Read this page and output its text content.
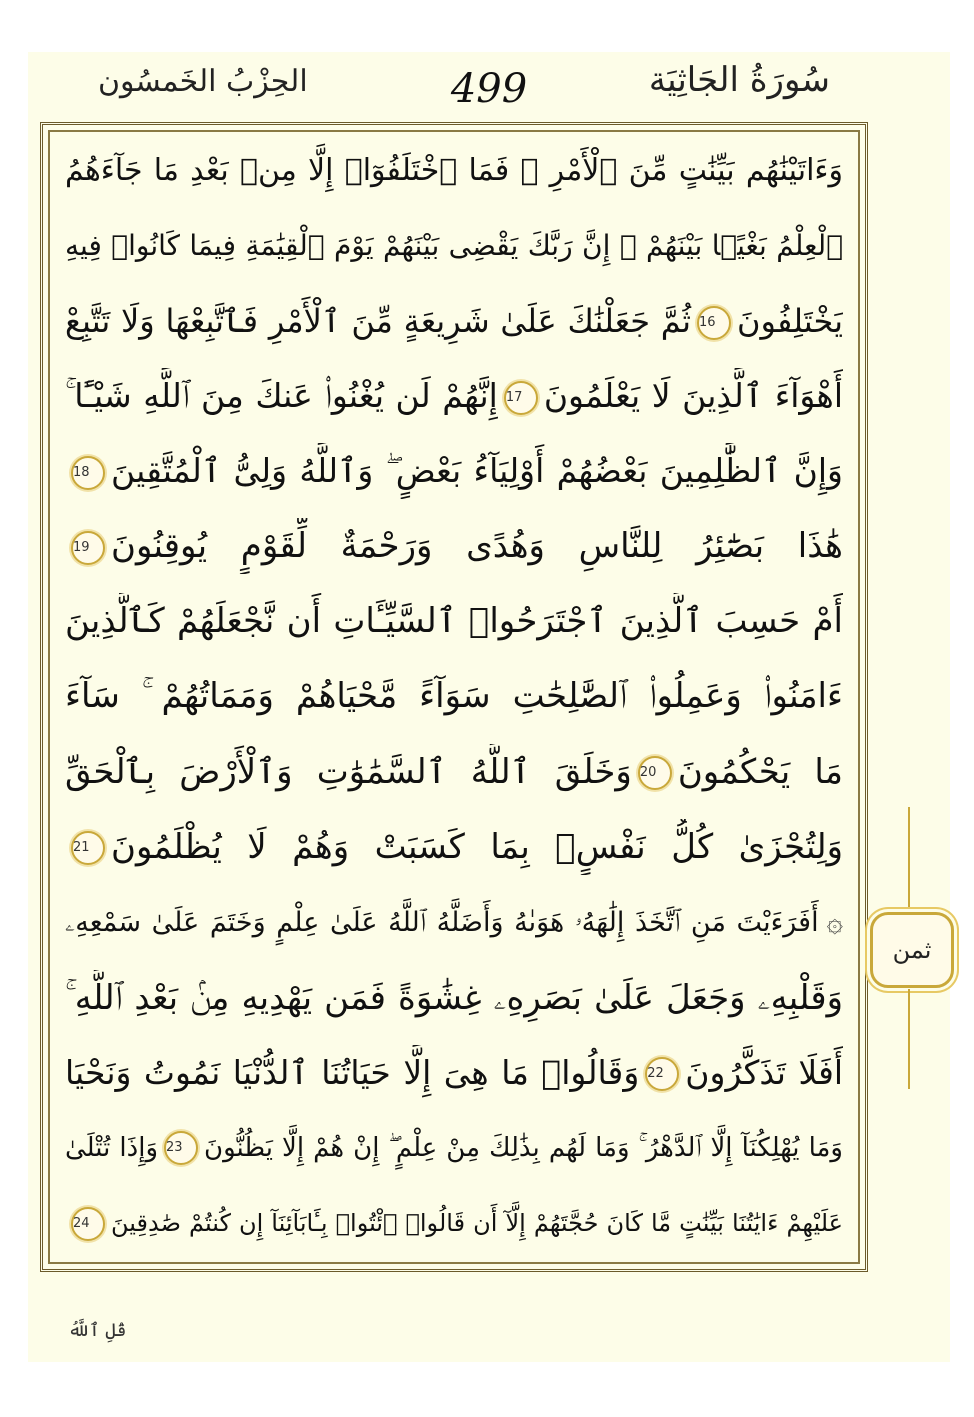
الحِزْبُ الخَمسُون	499	سُورَةُ الجَاثِيَة
وَءَاتَيْنَٰهُم بَيِّنَٰتٍ مِّنَ ٱلْأَمْرِ ۖ فَمَا ٱخْتَلَفُوٓا۟ إِلَّا مِنۢ بَعْدِ مَا جَآءَهُمُ
ٱلْعِلْمُ بَغْيًۢا بَيْنَهُمْ ۚ إِنَّ رَبَّكَ يَقْضِى بَيْنَهُمْ يَوْمَ ٱلْقِيَٰمَةِ فِيمَا كَانُوا۟ فِيهِ
يَخْتَلِفُونَ16ثُمَّ جَعَلْنَٰكَ عَلَىٰ شَرِيعَةٍ مِّنَ ٱلْأَمْرِ فَٱتَّبِعْهَا وَلَا تَتَّبِعْ
أَهْوَآءَ ٱلَّذِينَ لَا يَعْلَمُونَ17إِنَّهُمْ لَن يُغْنُوا۟ عَنكَ مِنَ ٱللَّهِ شَيْـًٔا ۚ
وَإِنَّ ٱلظَّٰلِمِينَ بَعْضُهُمْ أَوْلِيَآءُ بَعْضٍ ۖ وَٱللَّهُ وَلِىُّ ٱلْمُتَّقِينَ18
هَٰذَا بَصَٰٓئِرُ لِلنَّاسِ وَهُدًى وَرَحْمَةٌ لِّقَوْمٍ يُوقِنُونَ19
أَمْ حَسِبَ ٱلَّذِينَ ٱجْتَرَحُوا۟ ٱلسَّيِّـَٔاتِ أَن نَّجْعَلَهُمْ كَٱلَّذِينَ
ءَامَنُوا۟ وَعَمِلُوا۟ ٱلصَّٰلِحَٰتِ سَوَآءً مَّحْيَاهُمْ وَمَمَاتُهُمْ ۚ سَآءَ
مَا يَحْكُمُونَ20وَخَلَقَ ٱللَّهُ ٱلسَّمَٰوَٰتِ وَٱلْأَرْضَ بِٱلْحَقِّ
وَلِتُجْزَىٰ كُلُّ نَفْسٍۭ بِمَا كَسَبَتْ وَهُمْ لَا يُظْلَمُونَ21
۞أَفَرَءَيْتَ مَنِ ٱتَّخَذَ إِلَٰهَهُۥ هَوَىٰهُ وَأَضَلَّهُ ٱللَّهُ عَلَىٰ عِلْمٍ وَخَتَمَ عَلَىٰ سَمْعِهِۦ
وَقَلْبِهِۦ وَجَعَلَ عَلَىٰ بَصَرِهِۦ غِشَٰوَةً فَمَن يَهْدِيهِ مِنۢ بَعْدِ ٱللَّهِ ۚ
أَفَلَا تَذَكَّرُونَ22وَقَالُوا۟ مَا هِىَ إِلَّا حَيَاتُنَا ٱلدُّنْيَا نَمُوتُ وَنَحْيَا
وَمَا يُهْلِكُنَآ إِلَّا ٱلدَّهْرُ ۚ وَمَا لَهُم بِذَٰلِكَ مِنْ عِلْمٍ ۖ إِنْ هُمْ إِلَّا يَظُنُّونَ23وَإِذَا تُتْلَىٰ
عَلَيْهِمْ ءَايَٰتُنَا بَيِّنَٰتٍ مَّا كَانَ حُجَّتَهُمْ إِلَّآ أَن قَالُوا۟ ٱئْتُوا۟ بِـَٔابَآئِنَآ إِن كُنتُمْ صَٰدِقِينَ24
ثمن
قُلِ ٱللَّهُ
